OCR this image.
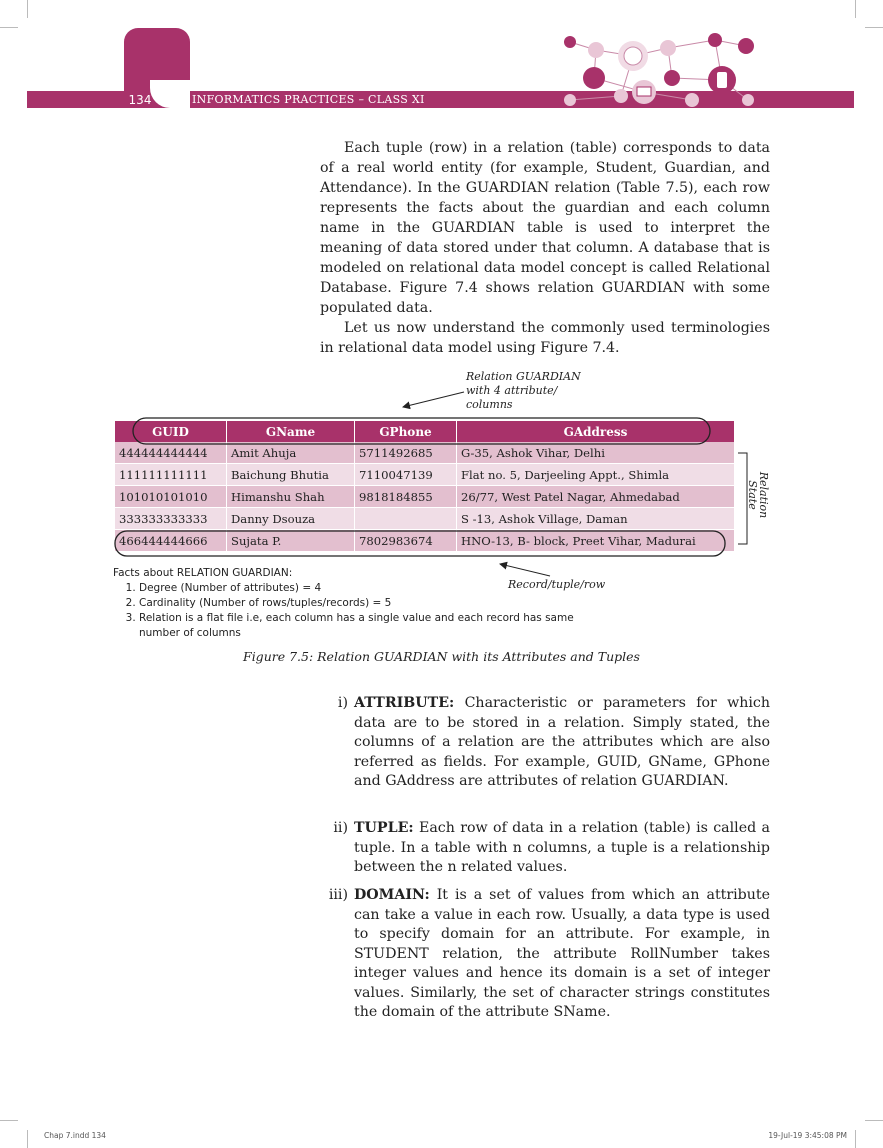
134	INFORMATICS PRACTICES – CLASS XI

Each tuple (row) in a relation (table) corresponds to data of a real world entity (for example, Student, Guardian, and Attendance). In the GUARDIAN relation (Table 7.5), each row represents the facts about the guardian and each column name in the GUARDIAN table is used to interpret the meaning of data stored under that column. A database that is modeled on relational data model concept is called Relational Database. Figure 7.4 shows relation GUARDIAN with some populated data.

Let us now understand the commonly used terminologies in relational data model using Figure 7.4.

Relation GUARDIAN with 4 attribute/ columns
Relation State
Record/tuple/row
GUID	GName	GPhone	GAddress
444444444444	Amit Ahuja	5711492685	G-35, Ashok Vihar, Delhi
111111111111	Baichung Bhutia	7110047139	Flat no. 5, Darjeeling Appt., Shimla
101010101010	Himanshu Shah	9818184855	26/77, West Patel Nagar, Ahmedabad
333333333333	Danny Dsouza		S -13, Ashok Village, Daman
466444444666	Sujata P.	7802983674	HNO-13, B- block, Preet Vihar, Madurai
Facts about RELATION GUARDIAN:
1. Degree (Number of attributes) = 4
2. Cardinality (Number of rows/tuples/records) = 5
3. Relation is a flat file i.e, each column has a single value and each record has same number of columns
Figure 7.5: Relation GUARDIAN with its Attributes and Tuples
i) ATTRIBUTE: Characteristic or parameters for which data are to be stored in a relation. Simply stated, the columns of a relation are the attributes which are also referred as fields. For example, GUID, GName, GPhone and GAddress are attributes of relation GUARDIAN.
ii) TUPLE: Each row of data in a relation (table) is called a tuple. In a table with n columns, a tuple is a relationship between the n related values.
iii) DOMAIN: It is a set of values from which an attribute can take a value in each row. Usually, a data type is used to specify domain for an attribute. For example, in STUDENT relation, the attribute RollNumber takes integer values and hence its domain is a set of integer values. Similarly, the set of character strings constitutes the domain of the attribute SName.
Chap 7.indd 134	19-Jul-19 3:45:08 PM
